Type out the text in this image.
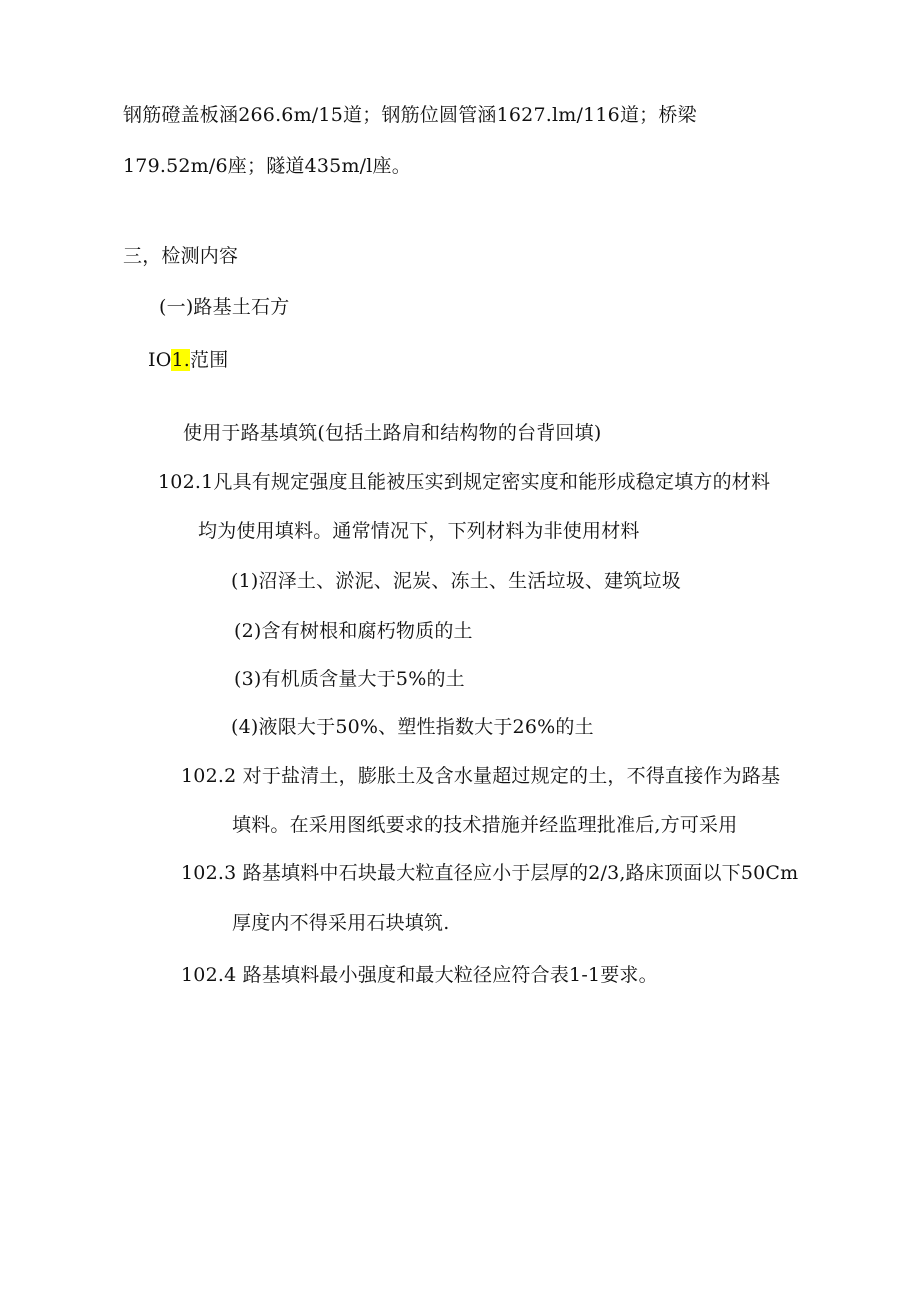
钢筋磴盖板涵266.6m/15道；钢筋位圆管涵1627.lm/116道；桥梁
179.52m/6座；隧道435m/l座。
三，检测内容
(一)路基土石方
IO1.范围
使用于路基填筑(包括土路肩和结构物的台背回填)
102.1凡具有规定强度且能被压实到规定密实度和能形成稳定填方的材料
均为使用填料。通常情况下，下列材料为非使用材料
(1)沼泽土、淤泥、泥炭、冻土、生活垃圾、建筑垃圾
(2)含有树根和腐朽物质的土
(3)有机质含量大于5%的土
(4)液限大于50%、塑性指数大于26%的土
102.2 对于盐清土，膨胀土及含水量超过规定的土，不得直接作为路基
填料。在采用图纸要求的技术措施并经监理批准后,方可采用
102.3 路基填料中石块最大粒直径应小于层厚的2/3,路床顶面以下50Cm
厚度内不得采用石块填筑.
102.4 路基填料最小强度和最大粒径应符合表1-1要求。
